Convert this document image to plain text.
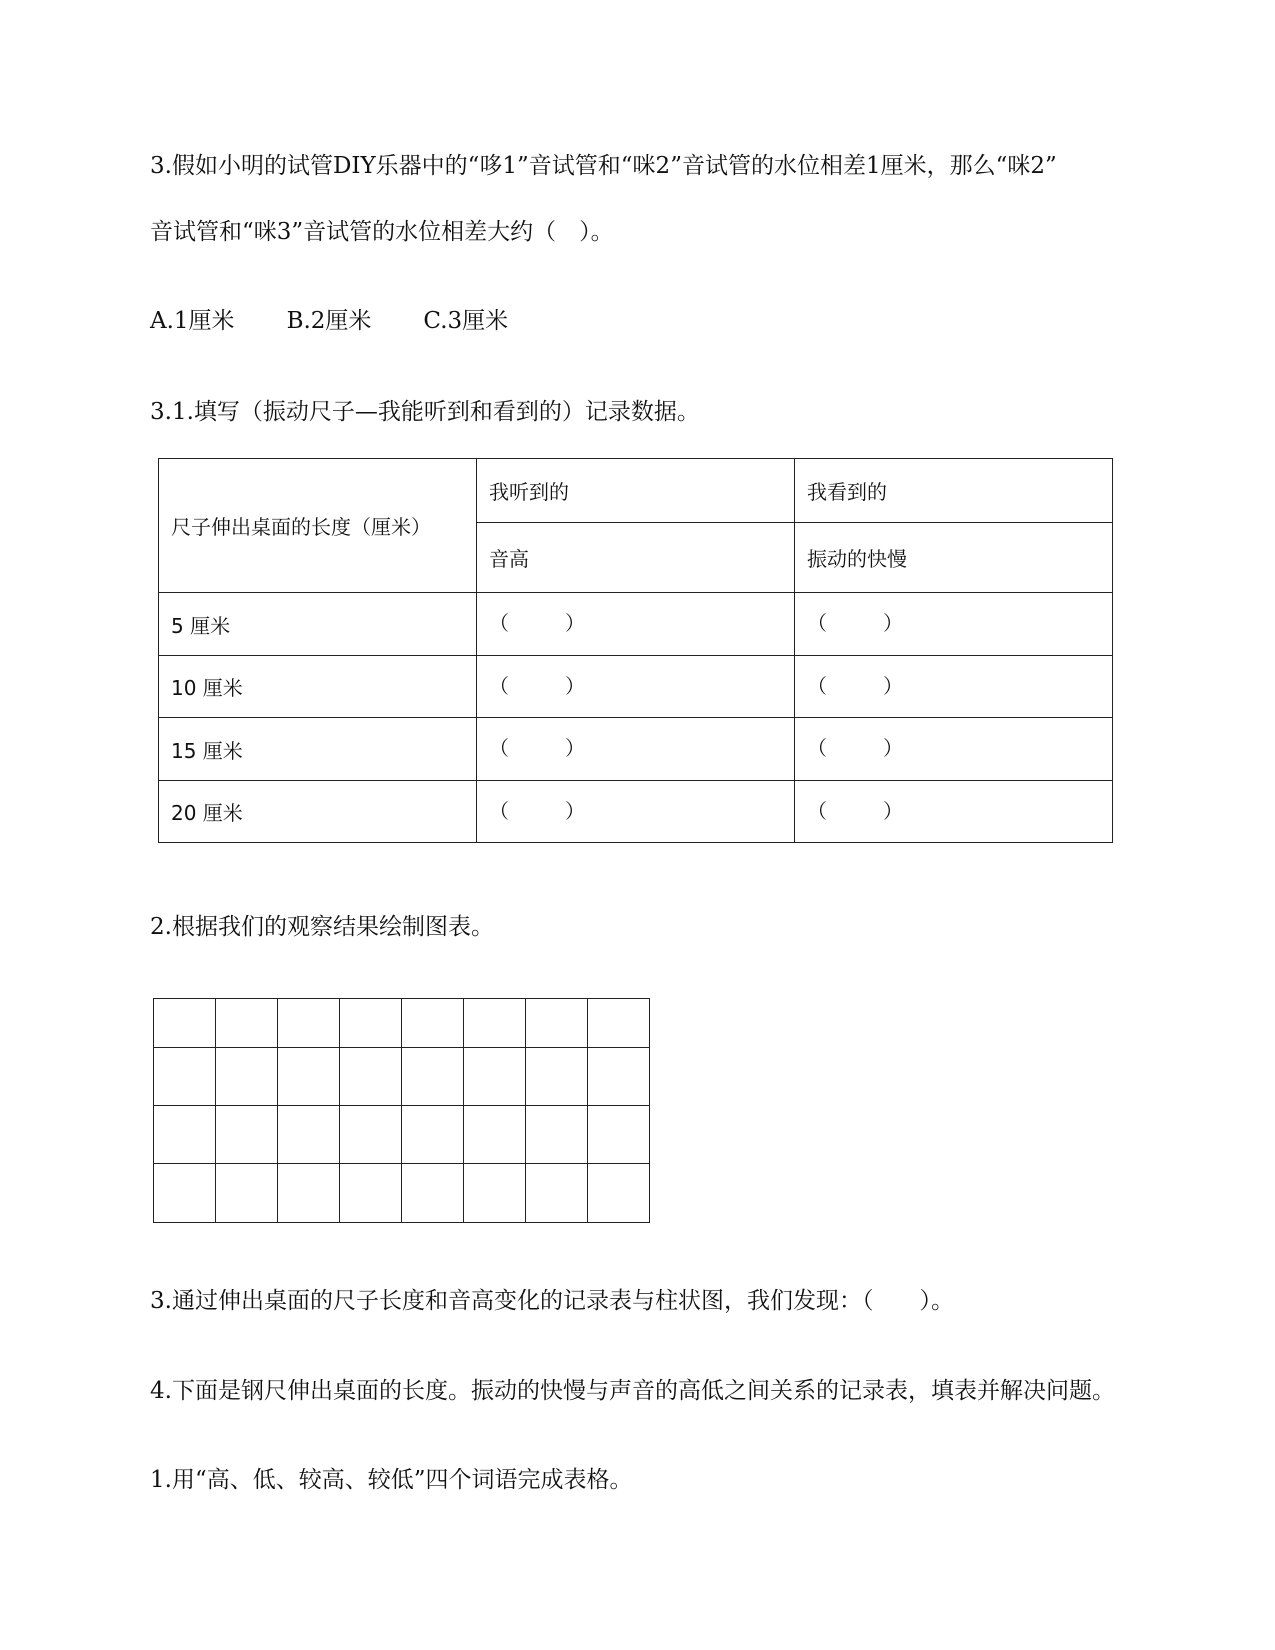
3.假如小明的试管DIY乐器中的“哆1”音试管和“咪2”音试管的水位相差1厘米，那么“咪2”

音试管和“咪3”音试管的水位相差大约（　）。

A.1厘米 B.2厘米 C.3厘米

3.1.填写（振动尺子—我能听到和看到的）记录数据。

尺子伸出桌面的长度（厘米）	我听到的	我看到的
	音高	振动的快慢
5 厘米	（ ）	（ ）

10 厘米	（ ）	（ ）

15 厘米	（ ）	（ ）

20 厘米	（ ）	（ ）

2.根据我们的观察结果绘制图表。

3.通过伸出桌面的尺子长度和音高变化的记录表与柱状图，我们发现：（　　）。

4.下面是钢尺伸出桌面的长度。振动的快慢与声音的高低之间关系的记录表，填表并解决问题。

1.用“高、低、较高、较低”四个词语完成表格。
